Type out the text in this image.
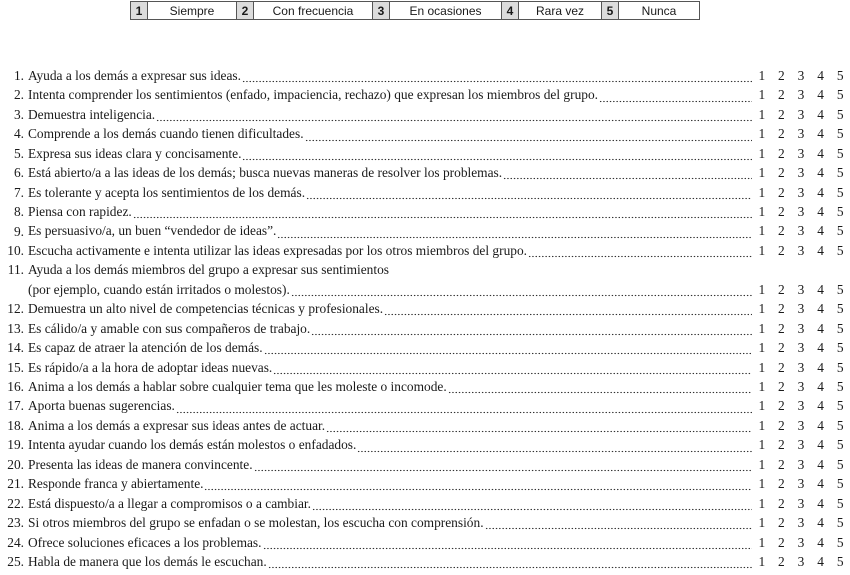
1	Siempre	2	Con frecuencia	3	En ocasiones	4	Rara vez	5	Nunca
1. Ayuda a los demás a expresar sus ideas.	1 2 3 4 5
2. Intenta comprender los sentimientos (enfado, impaciencia, rechazo) que expresan los miembros del grupo.	1 2 3 4 5
3. Demuestra inteligencia.	1 2 3 4 5
4. Comprende a los demás cuando tienen dificultades.	1 2 3 4 5
5. Expresa sus ideas clara y concisamente.	1 2 3 4 5
6. Está abierto/a a las ideas de los demás; busca nuevas maneras de resolver los problemas.	1 2 3 4 5
7. Es tolerante y acepta los sentimientos de los demás.	1 2 3 4 5
8. Piensa con rapidez.	1 2 3 4 5
9. Es persuasivo/a, un buen “vendedor de ideas”.	1 2 3 4 5
10. Escucha activamente e intenta utilizar las ideas expresadas por los otros miembros del grupo.	1 2 3 4 5
11. Ayuda a los demás miembros del grupo a expresar sus sentimientos
(por ejemplo, cuando están irritados o molestos).	1 2 3 4 5
12. Demuestra un alto nivel de competencias técnicas y profesionales.	1 2 3 4 5
13. Es cálido/a y amable con sus compañeros de trabajo.	1 2 3 4 5
14. Es capaz de atraer la atención de los demás.	1 2 3 4 5
15. Es rápido/a a la hora de adoptar ideas nuevas.	1 2 3 4 5
16. Anima a los demás a hablar sobre cualquier tema que les moleste o incomode.	1 2 3 4 5
17. Aporta buenas sugerencias.	1 2 3 4 5
18. Anima a los demás a expresar sus ideas antes de actuar.	1 2 3 4 5
19. Intenta ayudar cuando los demás están molestos o enfadados.	1 2 3 4 5
20. Presenta las ideas de manera convincente.	1 2 3 4 5
21. Responde franca y abiertamente.	1 2 3 4 5
22. Está dispuesto/a a llegar a compromisos o a cambiar.	1 2 3 4 5
23. Si otros miembros del grupo se enfadan o se molestan, los escucha con comprensión.	1 2 3 4 5
24. Ofrece soluciones eficaces a los problemas.	1 2 3 4 5
25. Habla de manera que los demás le escuchan.	1 2 3 4 5
